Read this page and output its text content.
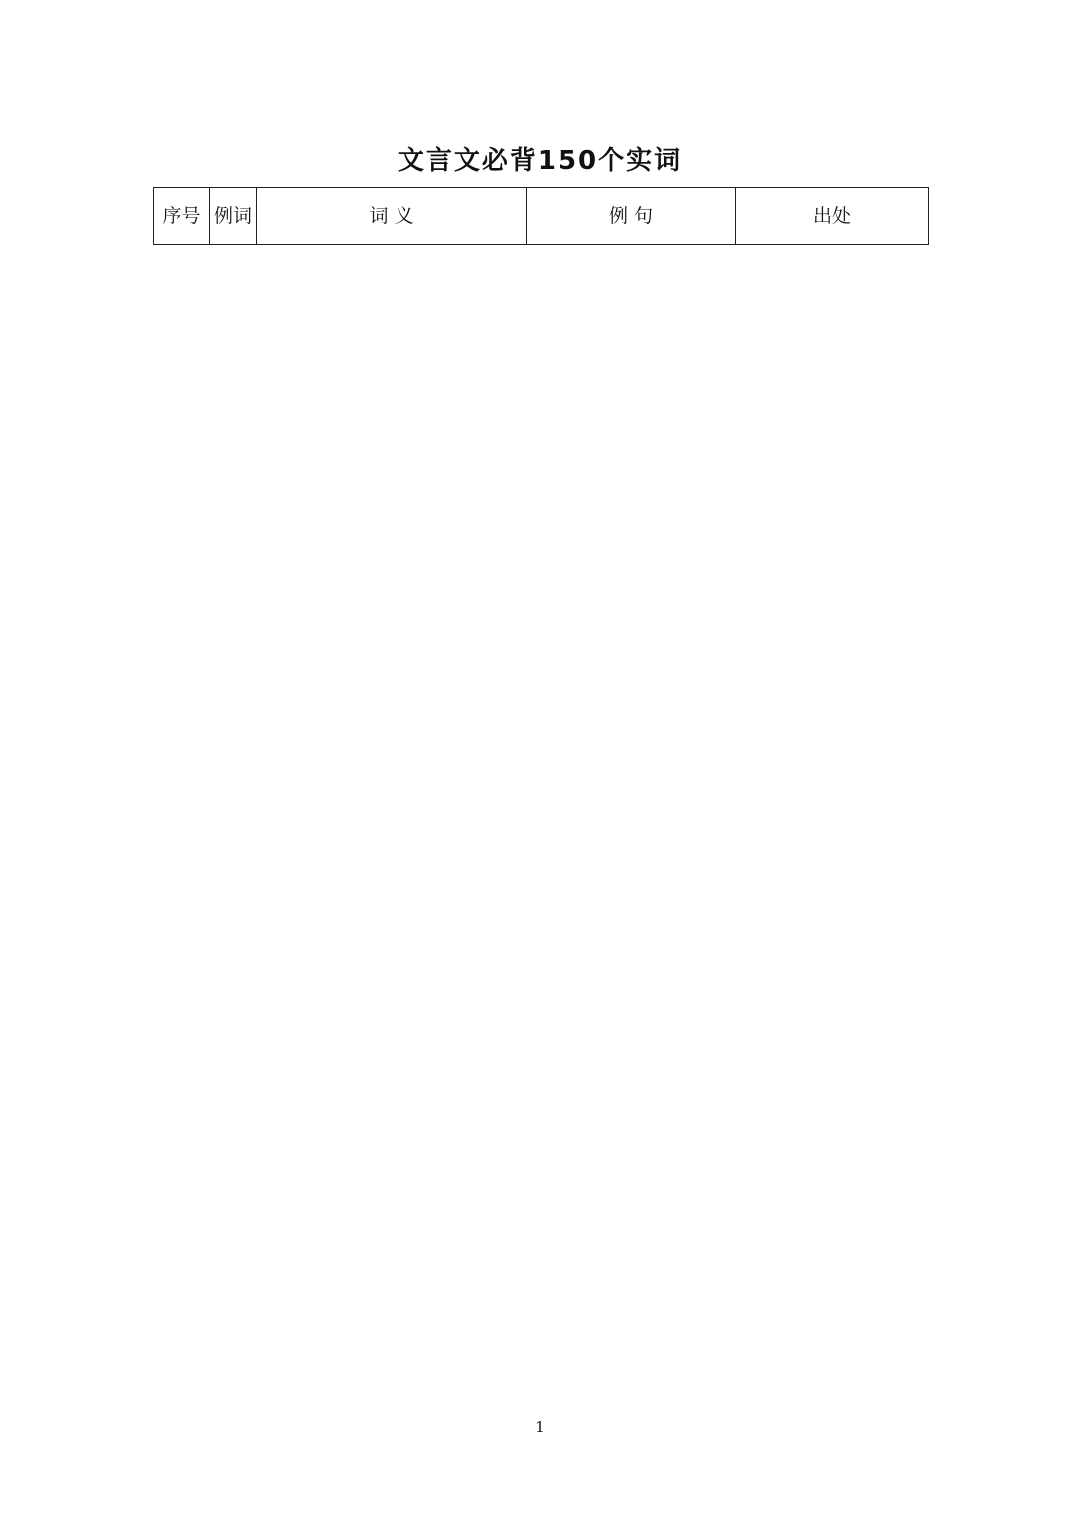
文言文必背150个实词
序号	例词	词 义	例 句	出处
1
